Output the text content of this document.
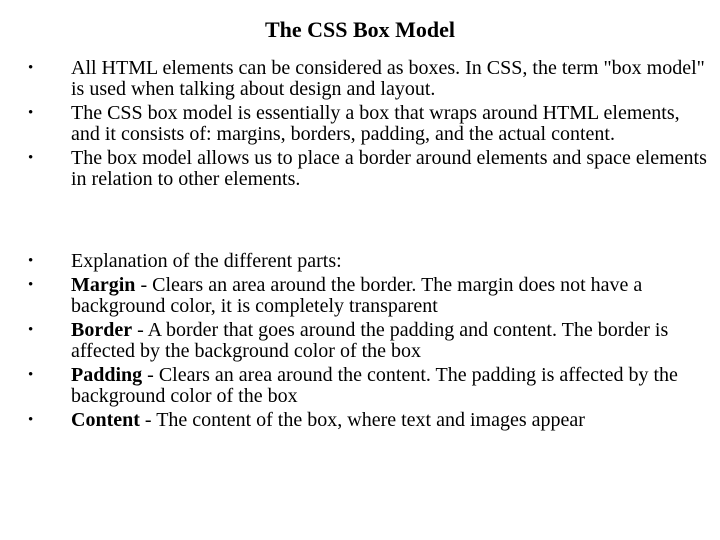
The CSS Box Model
•	All HTML elements can be considered as boxes. In CSS, the term "box model" is used when talking about design and layout.
•	The CSS box model is essentially a box that wraps around HTML elements, and it consists of: margins, borders, padding, and the actual content.
•	The box model allows us to place a border around elements and space elements in relation to other elements.
•	Explanation of the different parts:
•	Margin - Clears an area around the border. The margin does not have a background color, it is completely transparent
•	Border - A border that goes around the padding and content. The border is affected by the background color of the box
•	Padding - Clears an area around the content. The padding is affected by the background color of the box
•	Content - The content of the box, where text and images appear
